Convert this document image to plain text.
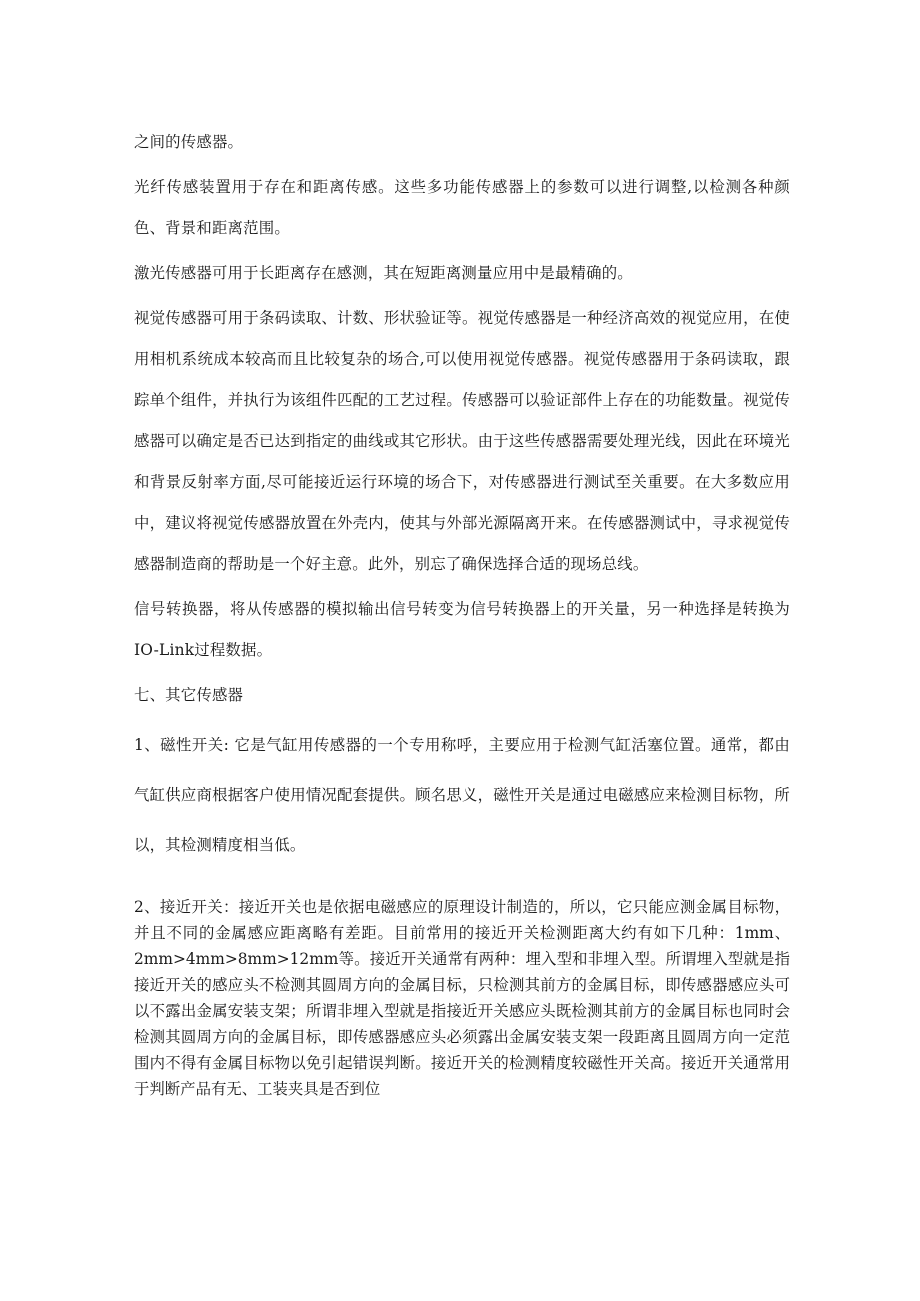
之间的传感器。

光纤传感装置用于存在和距离传感。这些多功能传感器上的参数可以进行调整,以检测各种颜色、背景和距离范围。

激光传感器可用于长距离存在感测，其在短距离测量应用中是最精确的。

视觉传感器可用于条码读取、计数、形状验证等。视觉传感器是一种经济高效的视觉应用，在使用相机系统成本较高而且比较复杂的场合,可以使用视觉传感器。视觉传感器用于条码读取，跟踪单个组件，并执行为该组件匹配的工艺过程。传感器可以验证部件上存在的功能数量。视觉传感器可以确定是否已达到指定的曲线或其它形状。由于这些传感器需要处理光线，因此在环境光和背景反射率方面,尽可能接近运行环境的场合下，对传感器进行测试至关重要。在大多数应用中，建议将视觉传感器放置在外壳内，使其与外部光源隔离开来。在传感器测试中，寻求视觉传感器制造商的帮助是一个好主意。此外，别忘了确保选择合适的现场总线。

信号转换器，将从传感器的模拟输出信号转变为信号转换器上的开关量，另一种选择是转换为IO-Link过程数据。

七、其它传感器

1、磁性开关: 它是气缸用传感器的一个专用称呼，主要应用于检测气缸活塞位置。通常，都由气缸供应商根据客户使用情况配套提供。顾名思义，磁性开关是通过电磁感应来检测目标物，所以，其检测精度相当低。

2、接近开关：接近开关也是依据电磁感应的原理设计制造的，所以，它只能应测金属目标物，并且不同的金属感应距离略有差距。目前常用的接近开关检测距离大约有如下几种：1mm、2mm>4mm>8mm>12mm等。接近开关通常有两种：埋入型和非埋入型。所谓埋入型就是指接近开关的感应头不检测其圆周方向的金属目标，只检测其前方的金属目标，即传感器感应头可以不露出金属安装支架；所谓非埋入型就是指接近开关感应头既检测其前方的金属目标也同时会检测其圆周方向的金属目标，即传感器感应头必须露出金属安装支架一段距离且圆周方向一定范围内不得有金属目标物以免引起错误判断。接近开关的检测精度较磁性开关高。接近开关通常用于判断产品有无、工装夹具是否到位
